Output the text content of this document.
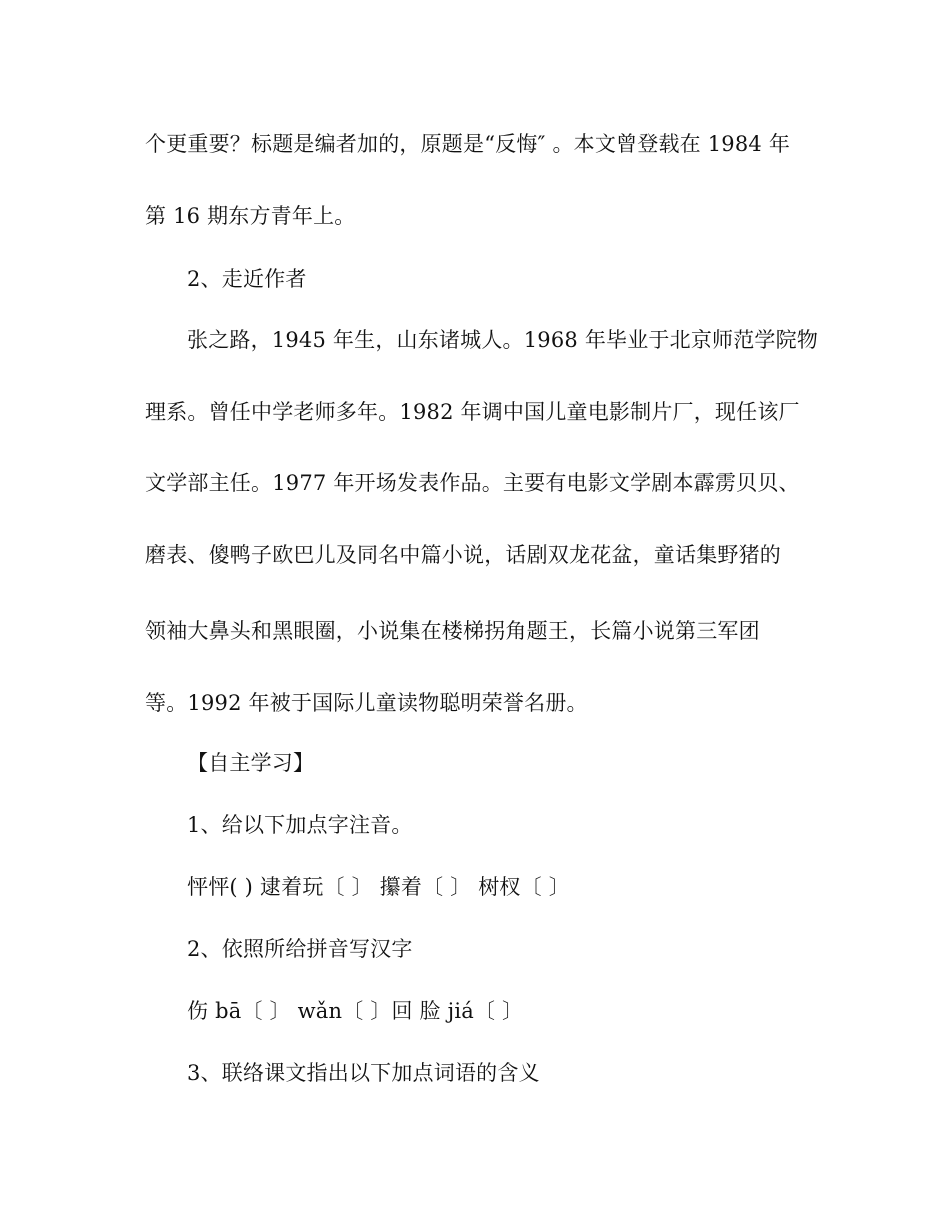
个更重要？标题是编者加的，原题是“反悔″ 。本文曾登载在 1984 年
第 16 期东方青年上。
2、走近作者
张之路，1945 年生，山东诸城人。1968 年毕业于北京师范学院物
理系。曾任中学老师多年。1982 年调中国儿童电影制片厂，现任该厂
文学部主任。1977 年开场发表作品。主要有电影文学剧本霹雳贝贝、
磨表、傻鸭子欧巴儿及同名中篇小说，话剧双龙花盆，童话集野猪的
领袖大鼻头和黑眼圈，小说集在楼梯拐角题王，长篇小说第三军团
等。1992 年被于国际儿童读物聪明荣誉名册。
【自主学习】
1、给以下加点字注音。
怦怦( ) 逮着玩〔 〕 攥着〔 〕 树杈〔 〕
2、依照所给拼音写汉字
伤 bā〔 〕 wǎn〔 〕回 脸 jiá〔 〕
3、联络课文指出以下加点词语的含义
